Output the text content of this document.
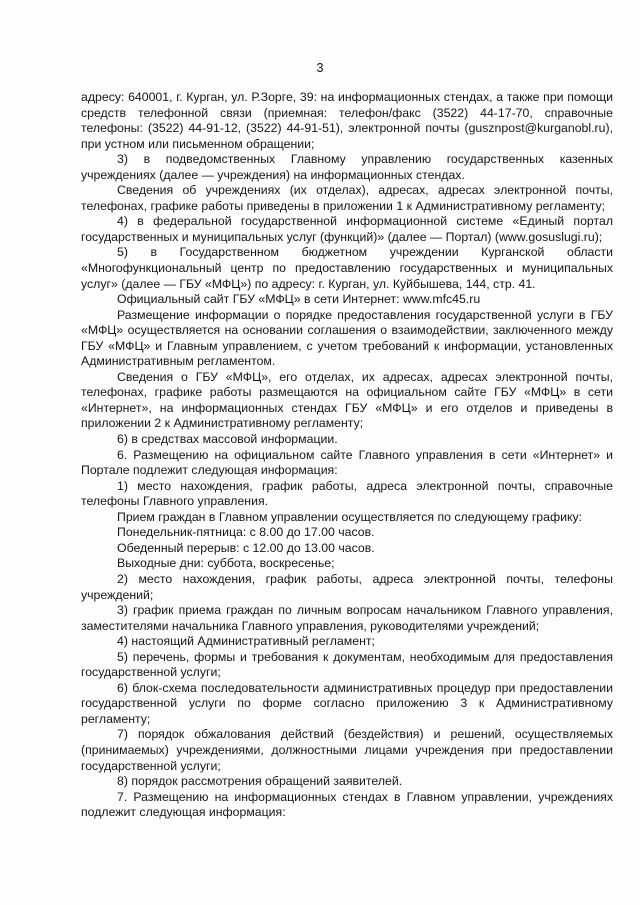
3

адресу: 640001, г. Курган, ул. Р.Зорге, 39: на информационных стендах, а также при помощи средств телефонной связи (приемная: телефон/факс (3522) 44-17-70, справочные телефоны: (3522) 44-91-12, (3522) 44-91-51), электронной почты (gusznpost@kurganobl.ru), при устном или письменном обращении;

3) в подведомственных Главному управлению государственных казенных учреждениях (далее — учреждения) на информационных стендах.

Сведения об учреждениях (их отделах), адресах, адресах электронной почты, телефонах, графике работы приведены в приложении 1 к Административному регламенту;

4) в федеральной государственной информационной системе «Единый портал государственных и муниципальных услуг (функций)» (далее — Портал) (www.gosuslugi.ru);

5) в Государственном бюджетном учреждении Курганской области «Многофункциональный центр по предоставлению государственных и муниципальных услуг» (далее — ГБУ «МФЦ») по адресу: г. Курган, ул. Куйбышева, 144, стр. 41.

Официальный сайт ГБУ «МФЦ» в сети Интернет: www.mfc45.ru

Размещение информации о порядке предоставления государственной услуги в ГБУ «МФЦ» осуществляется на основании соглашения о взаимодействии, заключенного между ГБУ «МФЦ» и Главным управлением, с учетом требований к информации, установленных Административным регламентом.

Сведения о ГБУ «МФЦ», его отделах, их адресах, адресах электронной почты, телефонах, графике работы размещаются на официальном сайте ГБУ «МФЦ» в сети «Интернет», на информационных стендах ГБУ «МФЦ» и его отделов и приведены в приложении 2 к Административному регламенту;

6) в средствах массовой информации.

6. Размещению на официальном сайте Главного управления в сети «Интернет» и Портале подлежит следующая информация:

1) место нахождения, график работы, адреса электронной почты, справочные телефоны Главного управления.

Прием граждан в Главном управлении осуществляется по следующему графику:

Понедельник-пятница: с 8.00 до 17.00 часов.

Обеденный перерыв: с 12.00 до 13.00 часов.

Выходные дни: суббота, воскресенье;

2) место нахождения, график работы, адреса электронной почты, телефоны учреждений;

3) график приема граждан по личным вопросам начальником Главного управления, заместителями начальника Главного управления, руководителями учреждений;

4) настоящий Административный регламент;

5) перечень, формы и требования к документам, необходимым для предоставления государственной услуги;

6) блок-схема последовательности административных процедур при предоставлении государственной услуги по форме согласно приложению 3 к Административному регламенту;

7) порядок обжалования действий (бездействия) и решений, осуществляемых (принимаемых) учреждениями, должностными лицами учреждения при предоставлении государственной услуги;

8) порядок рассмотрения обращений заявителей.

7. Размещению на информационных стендах в Главном управлении, учреждениях подлежит следующая информация:
